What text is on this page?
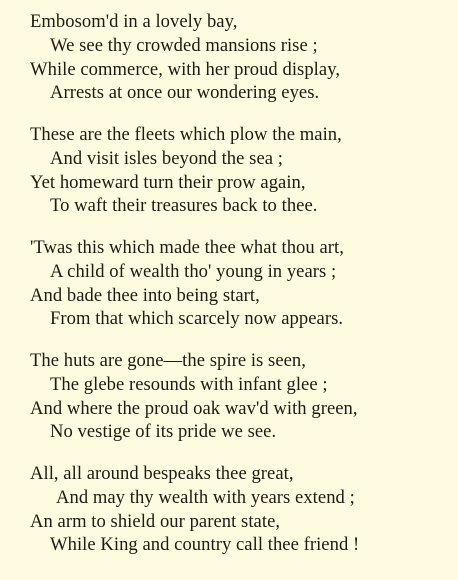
Embosom'd in a lovely bay,
We see thy crowded mansions rise ;
While commerce, with her proud display,
Arrests at once our wondering eyes.
These are the fleets which plow the main,
And visit isles beyond the sea ;
Yet homeward turn their prow again,
To waft their treasures back to thee.
'Twas this which made thee what thou art,
A child of wealth tho' young in years ;
And bade thee into being start,
From that which scarcely now appears.
The huts are gone—the spire is seen,
The glebe resounds with infant glee ;
And where the proud oak wav'd with green,
No vestige of its pride we see.
All, all around bespeaks thee great,
And may thy wealth with years extend ;
An arm to shield our parent state,
While King and country call thee friend !
